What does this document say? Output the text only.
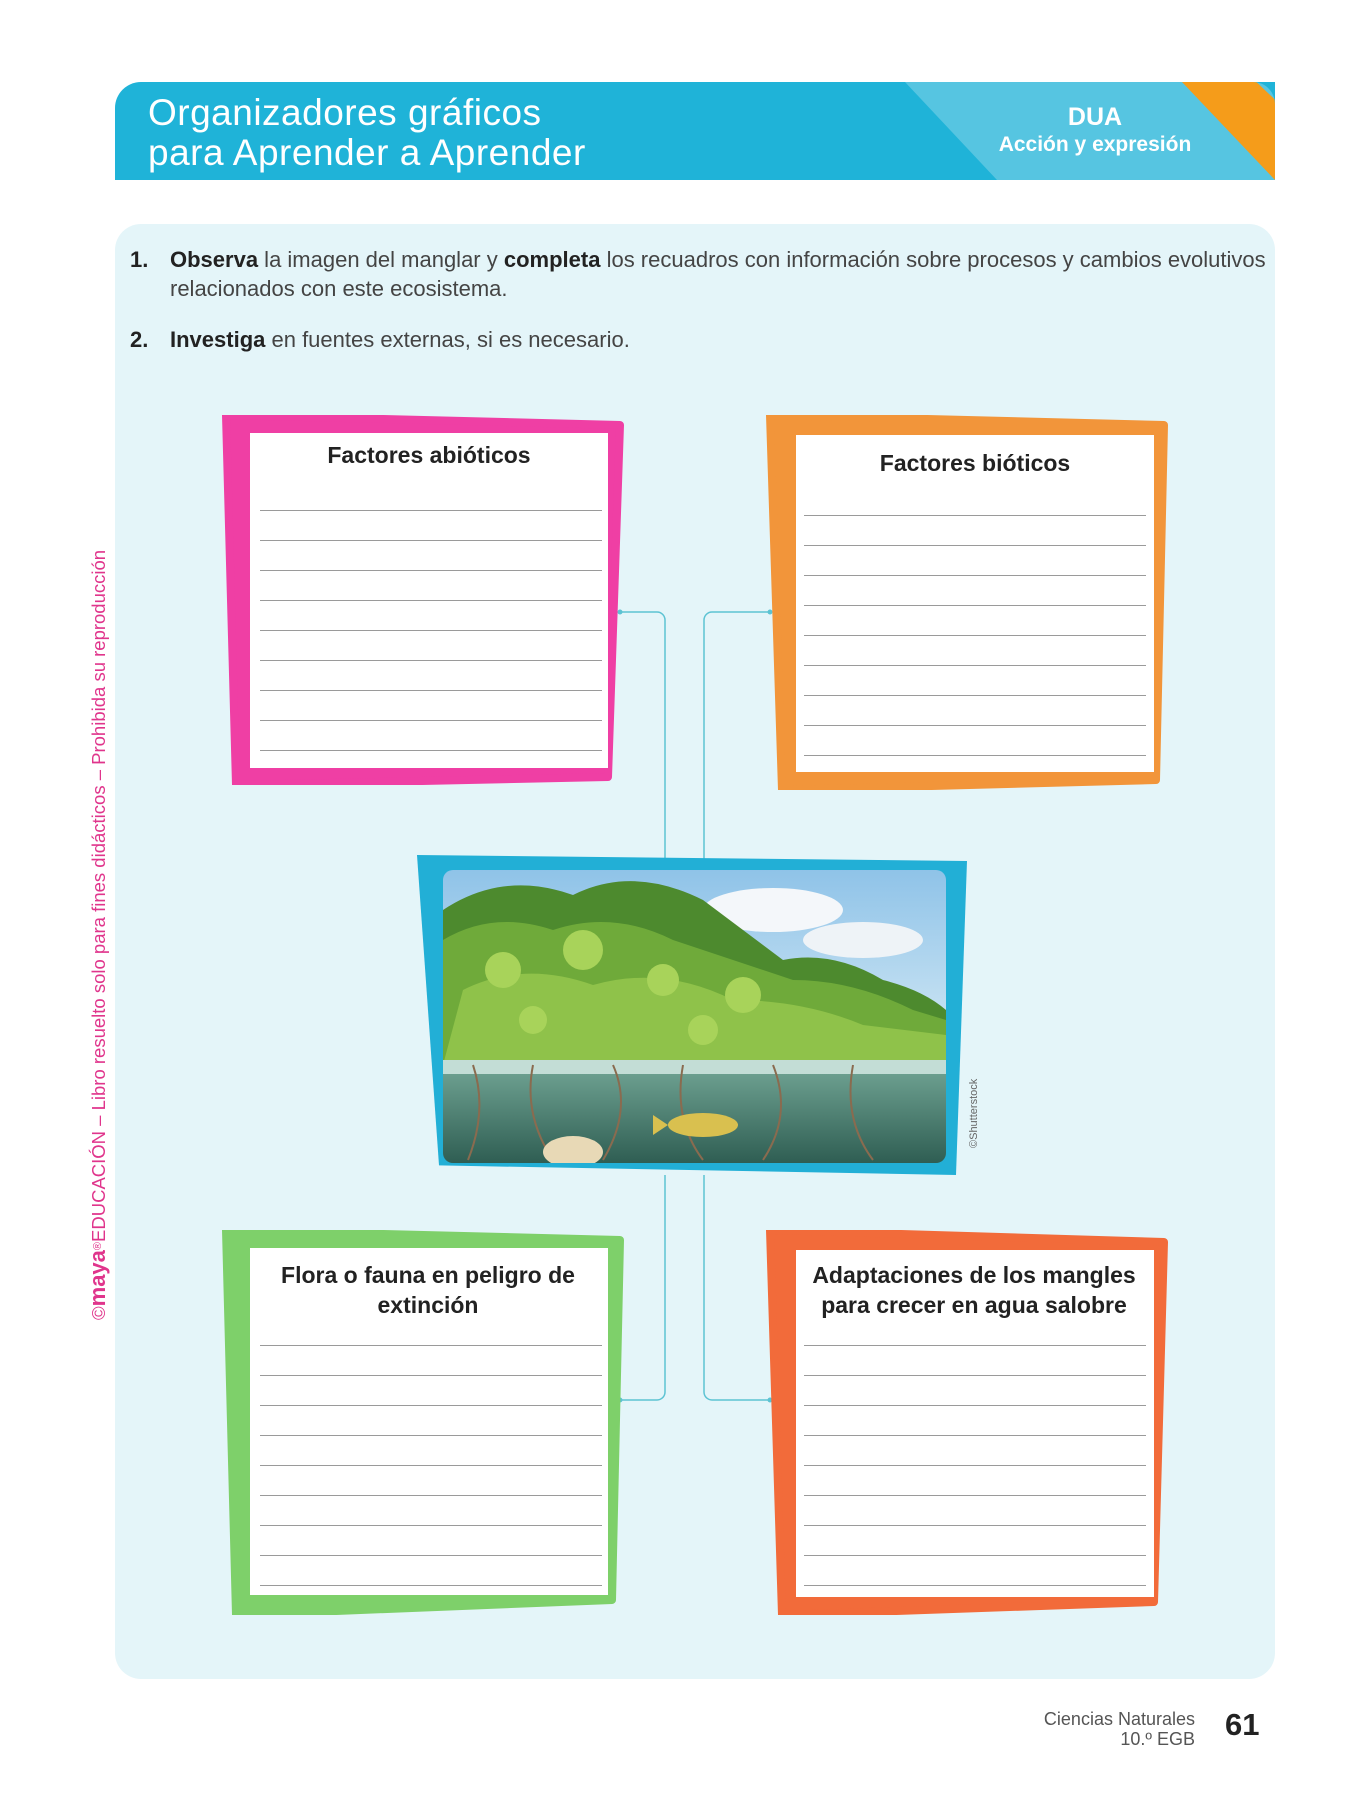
Organizadores gráficos
para Aprender a Aprender
DUA
Acción y expresión
©maya®EDUCACIÓN – Libro resuelto solo para fines didácticos – Prohibida su reproducción
1. Observa la imagen del manglar y completa los recuadros con información sobre procesos y cambios evolutivos relacionados con este ecosistema.
2. Investiga en fuentes externas, si es necesario.
Factores abióticos	Factores bióticos
©Shutterstock
Flora o fauna en peligro de extinción
Adaptaciones de los mangles para crecer en agua salobre
Ciencias Naturales
10.º EGB 61
